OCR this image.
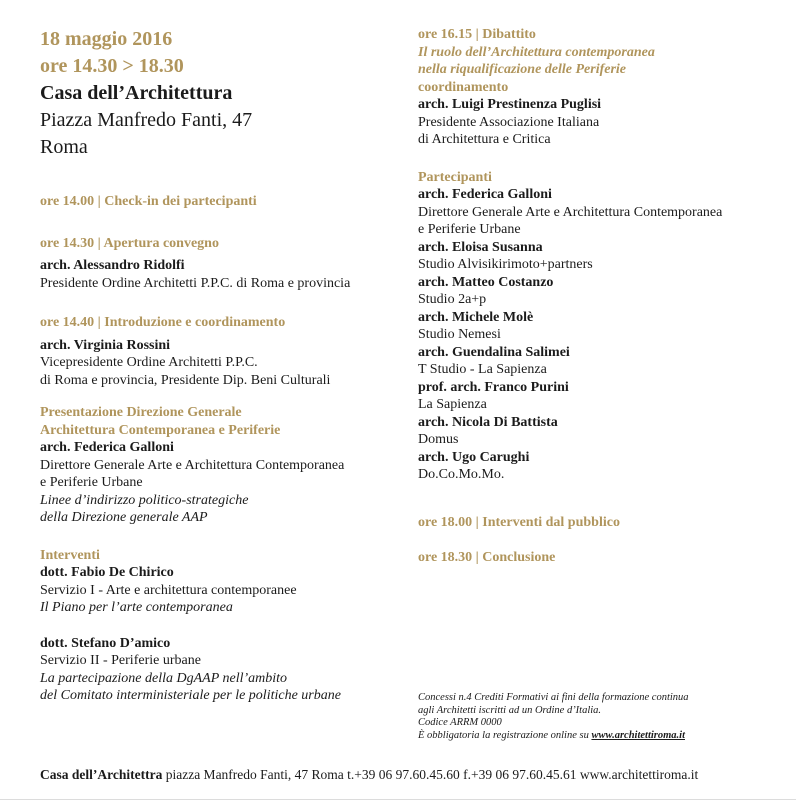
18 maggio 2016

ore 14.30 > 18.30

Casa dell’Architettura

Piazza Manfredo Fanti, 47

Roma

ore 14.00 | Check-in dei partecipanti

ore 14.30 | Apertura convegno

arch. Alessandro Ridolfi

Presidente Ordine Architetti P.P.C. di Roma e provincia

ore 14.40 | Introduzione e coordinamento

arch. Virginia Rossini

Vicepresidente Ordine Architetti P.P.C.

di Roma e provincia, Presidente Dip. Beni Culturali

Presentazione Direzione Generale

Architettura Contemporanea e Periferie

arch. Federica Galloni

Direttore Generale Arte e Architettura Contemporanea

e Periferie Urbane

Linee d’indirizzo politico-strategiche

della Direzione generale AAP

Interventi

dott. Fabio De Chirico

Servizio I - Arte e architettura contemporanee

Il Piano per l’arte contemporanea

dott. Stefano D’amico

Servizio II - Periferie urbane

La partecipazione della DgAAP nell’ambito

del Comitato interministeriale per le politiche urbane

ore 16.15 | Dibattito

Il ruolo dell’Architettura contemporanea

nella riqualificazione delle Periferie

coordinamento

arch. Luigi Prestinenza Puglisi

Presidente Associazione Italiana

di Architettura e Critica

Partecipanti

arch. Federica Galloni

Direttore Generale Arte e Architettura Contemporanea

e Periferie Urbane

arch. Eloisa Susanna

Studio Alvisikirimoto+partners

arch. Matteo Costanzo

Studio 2a+p

arch. Michele Molè

Studio Nemesi

arch. Guendalina Salimei

T Studio - La Sapienza

prof. arch. Franco Purini

La Sapienza

arch. Nicola Di Battista

Domus

arch. Ugo Carughi

Do.Co.Mo.Mo.

ore 18.00 | Interventi dal pubblico

ore 18.30 | Conclusione

Concessi n.4 Crediti Formativi ai fini della formazione continua

agli Architetti iscritti ad un Ordine d’Italia.

Codice ARRM 0000

È obbligatoria la registrazione online su www.architettiroma.it

Casa dell’Architettra piazza Manfredo Fanti, 47 Roma t.+39 06 97.60.45.60 f.+39 06 97.60.45.61 www.architettiroma.it
